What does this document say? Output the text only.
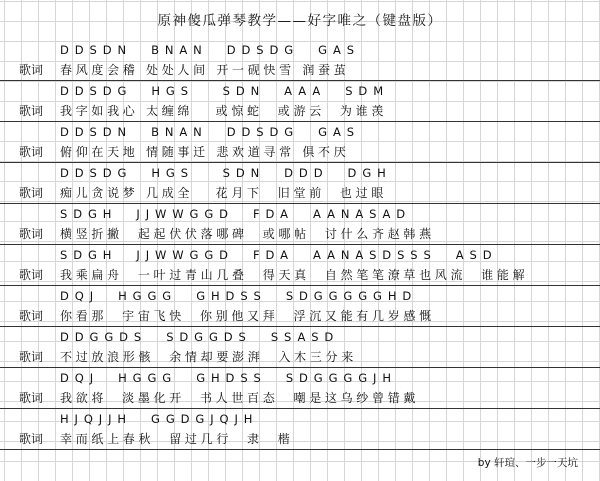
原神傻瓜弹琴教学——好字唯之（键盘版）
DDSDN  BNAN  DDSDG  GAS
歌词	春风度会稽 处处人间 开一砚快雪 润蚕茧
DDSDG  HGS   SDN  AAA  SDM
歌词	我字如我心 太缠绵   或惊蛇  或游云  为谁羡
DDSDN  BNAN  DDSDG  GAS
歌词	俯仰在天地 情随事迁 悲欢道寻常 俱不厌
DDSDG  HGS   SDN  DDD  DGH
歌词	痴儿贪说梦 几成全   花月下  旧堂前  也过眼
SDGH  JJWWGGD  FDA  AANASAD
歌词	横竖折撇  起起伏伏落哪碑  或哪帖  讨什么齐赵韩燕
SDGH  JJWWGGD  FDA  AANASDSSS  ASD
歌词	我乘扁舟  一叶过青山几叠  得天真  自然笔笔潦草也风流  谁能解
DQJ  HGGG  GHDSS  SDGGGGGHD
歌词	你看那  宇宙飞快  你别他又拜  浮沉又能有几岁感慨
DDGGDS  SDGGDS  SSASD
歌词	不过放浪形骸  余情却要澎湃  入木三分来
DQJ  HGGG  GHDSS  SDGGGGJH
歌词	我欲将  淡墨化开  书人世百态  嘲是这乌纱曾错戴
HJQJJH  GGDGJQJH
歌词	幸而纸上春秋  留过几行  隶  楷
by 轩瑄、一步一天坑
